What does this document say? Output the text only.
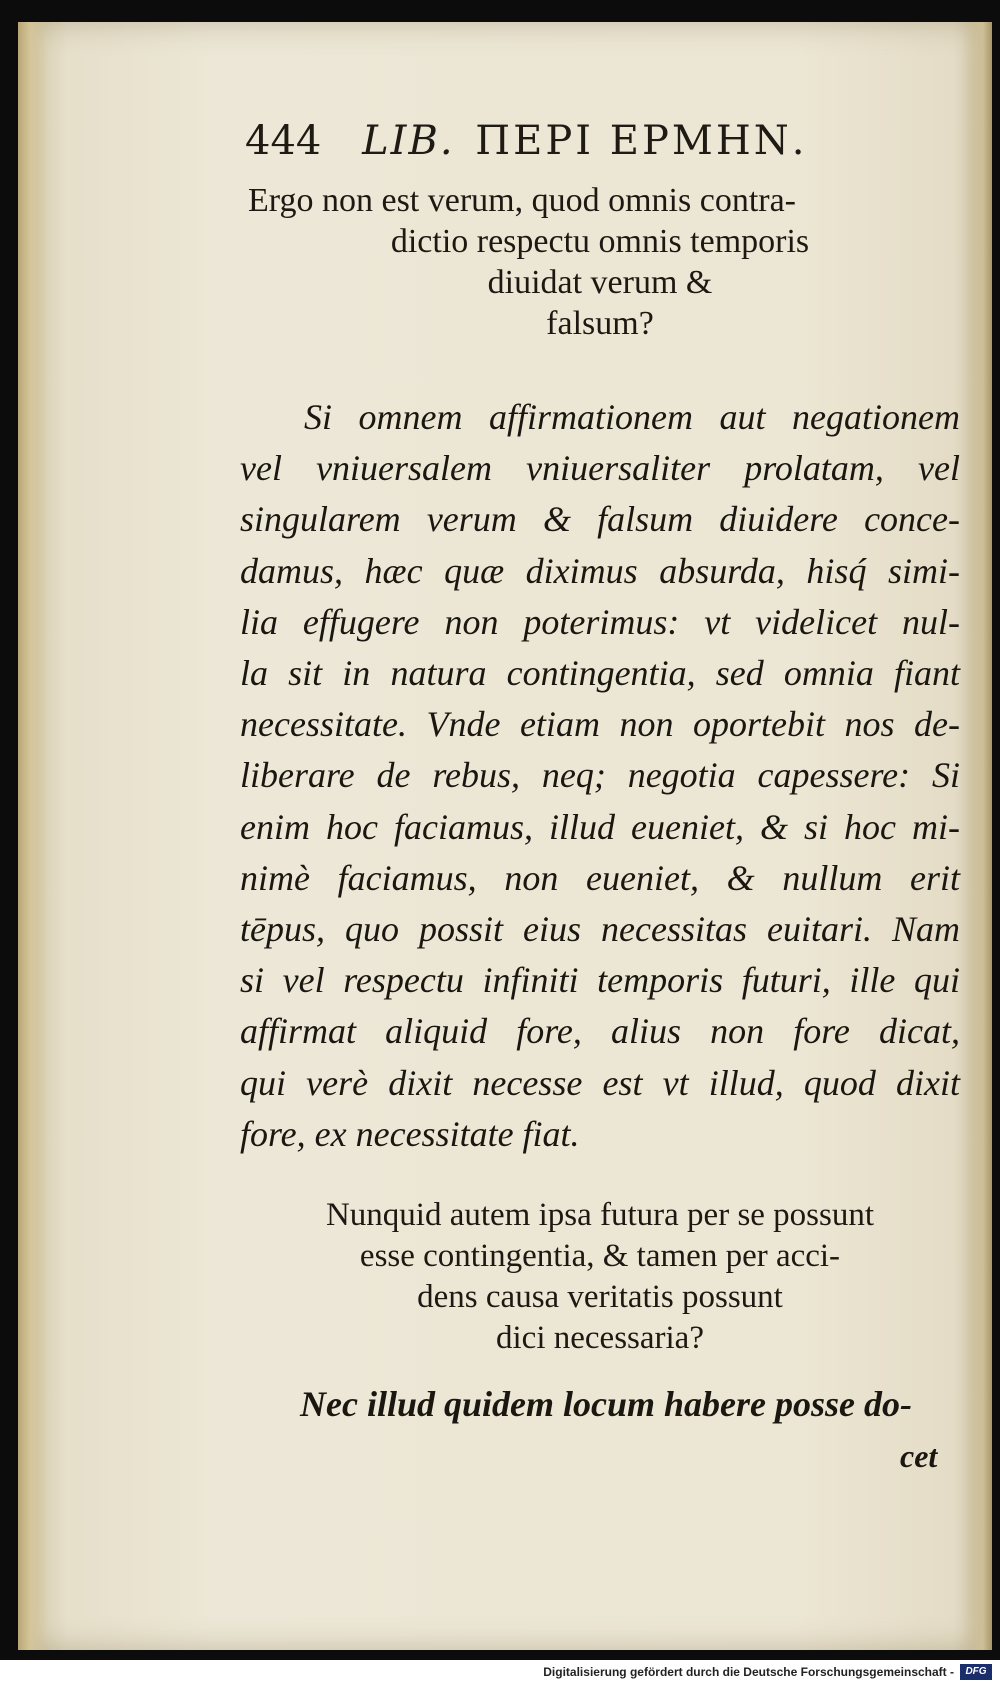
444 LIB. ΠΕΡΙ ΕΡΜΗΝ.
Ergo non est verum, quod omnis contra-
dictio respectu omnis temporis
diuidat verum &
falsum?
Si omnem affirmationem aut negationem
vel vniuersalem vniuersaliter prolatam, vel
singularem verum & falsum diuidere conce-
damus, hæc quæ diximus absurda, hisq́ simi-
lia effugere non poterimus: vt videlicet nul-
la sit in natura contingentia, sed omnia fiant
necessitate. Vnde etiam non oportebit nos de-
liberare de rebus, neq; negotia capessere: Si
enim hoc faciamus, illud eueniet, & si hoc mi-
nimè faciamus, non eueniet, & nullum erit
tēpus, quo possit eius necessitas euitari. Nam
si vel respectu infiniti temporis futuri, ille qui
affirmat aliquid fore, alius non fore dicat,
qui verè dixit necesse est vt illud, quod dixit
fore, ex necessitate fiat.
Nunquid autem ipsa futura per se possunt
esse contingentia, & tamen per acci-
dens causa veritatis possunt
dici necessaria?
Nec illud quidem locum habere posse do-
cet
Digitalisierung gefördert durch die Deutsche Forschungsgemeinschaft -	DFG
